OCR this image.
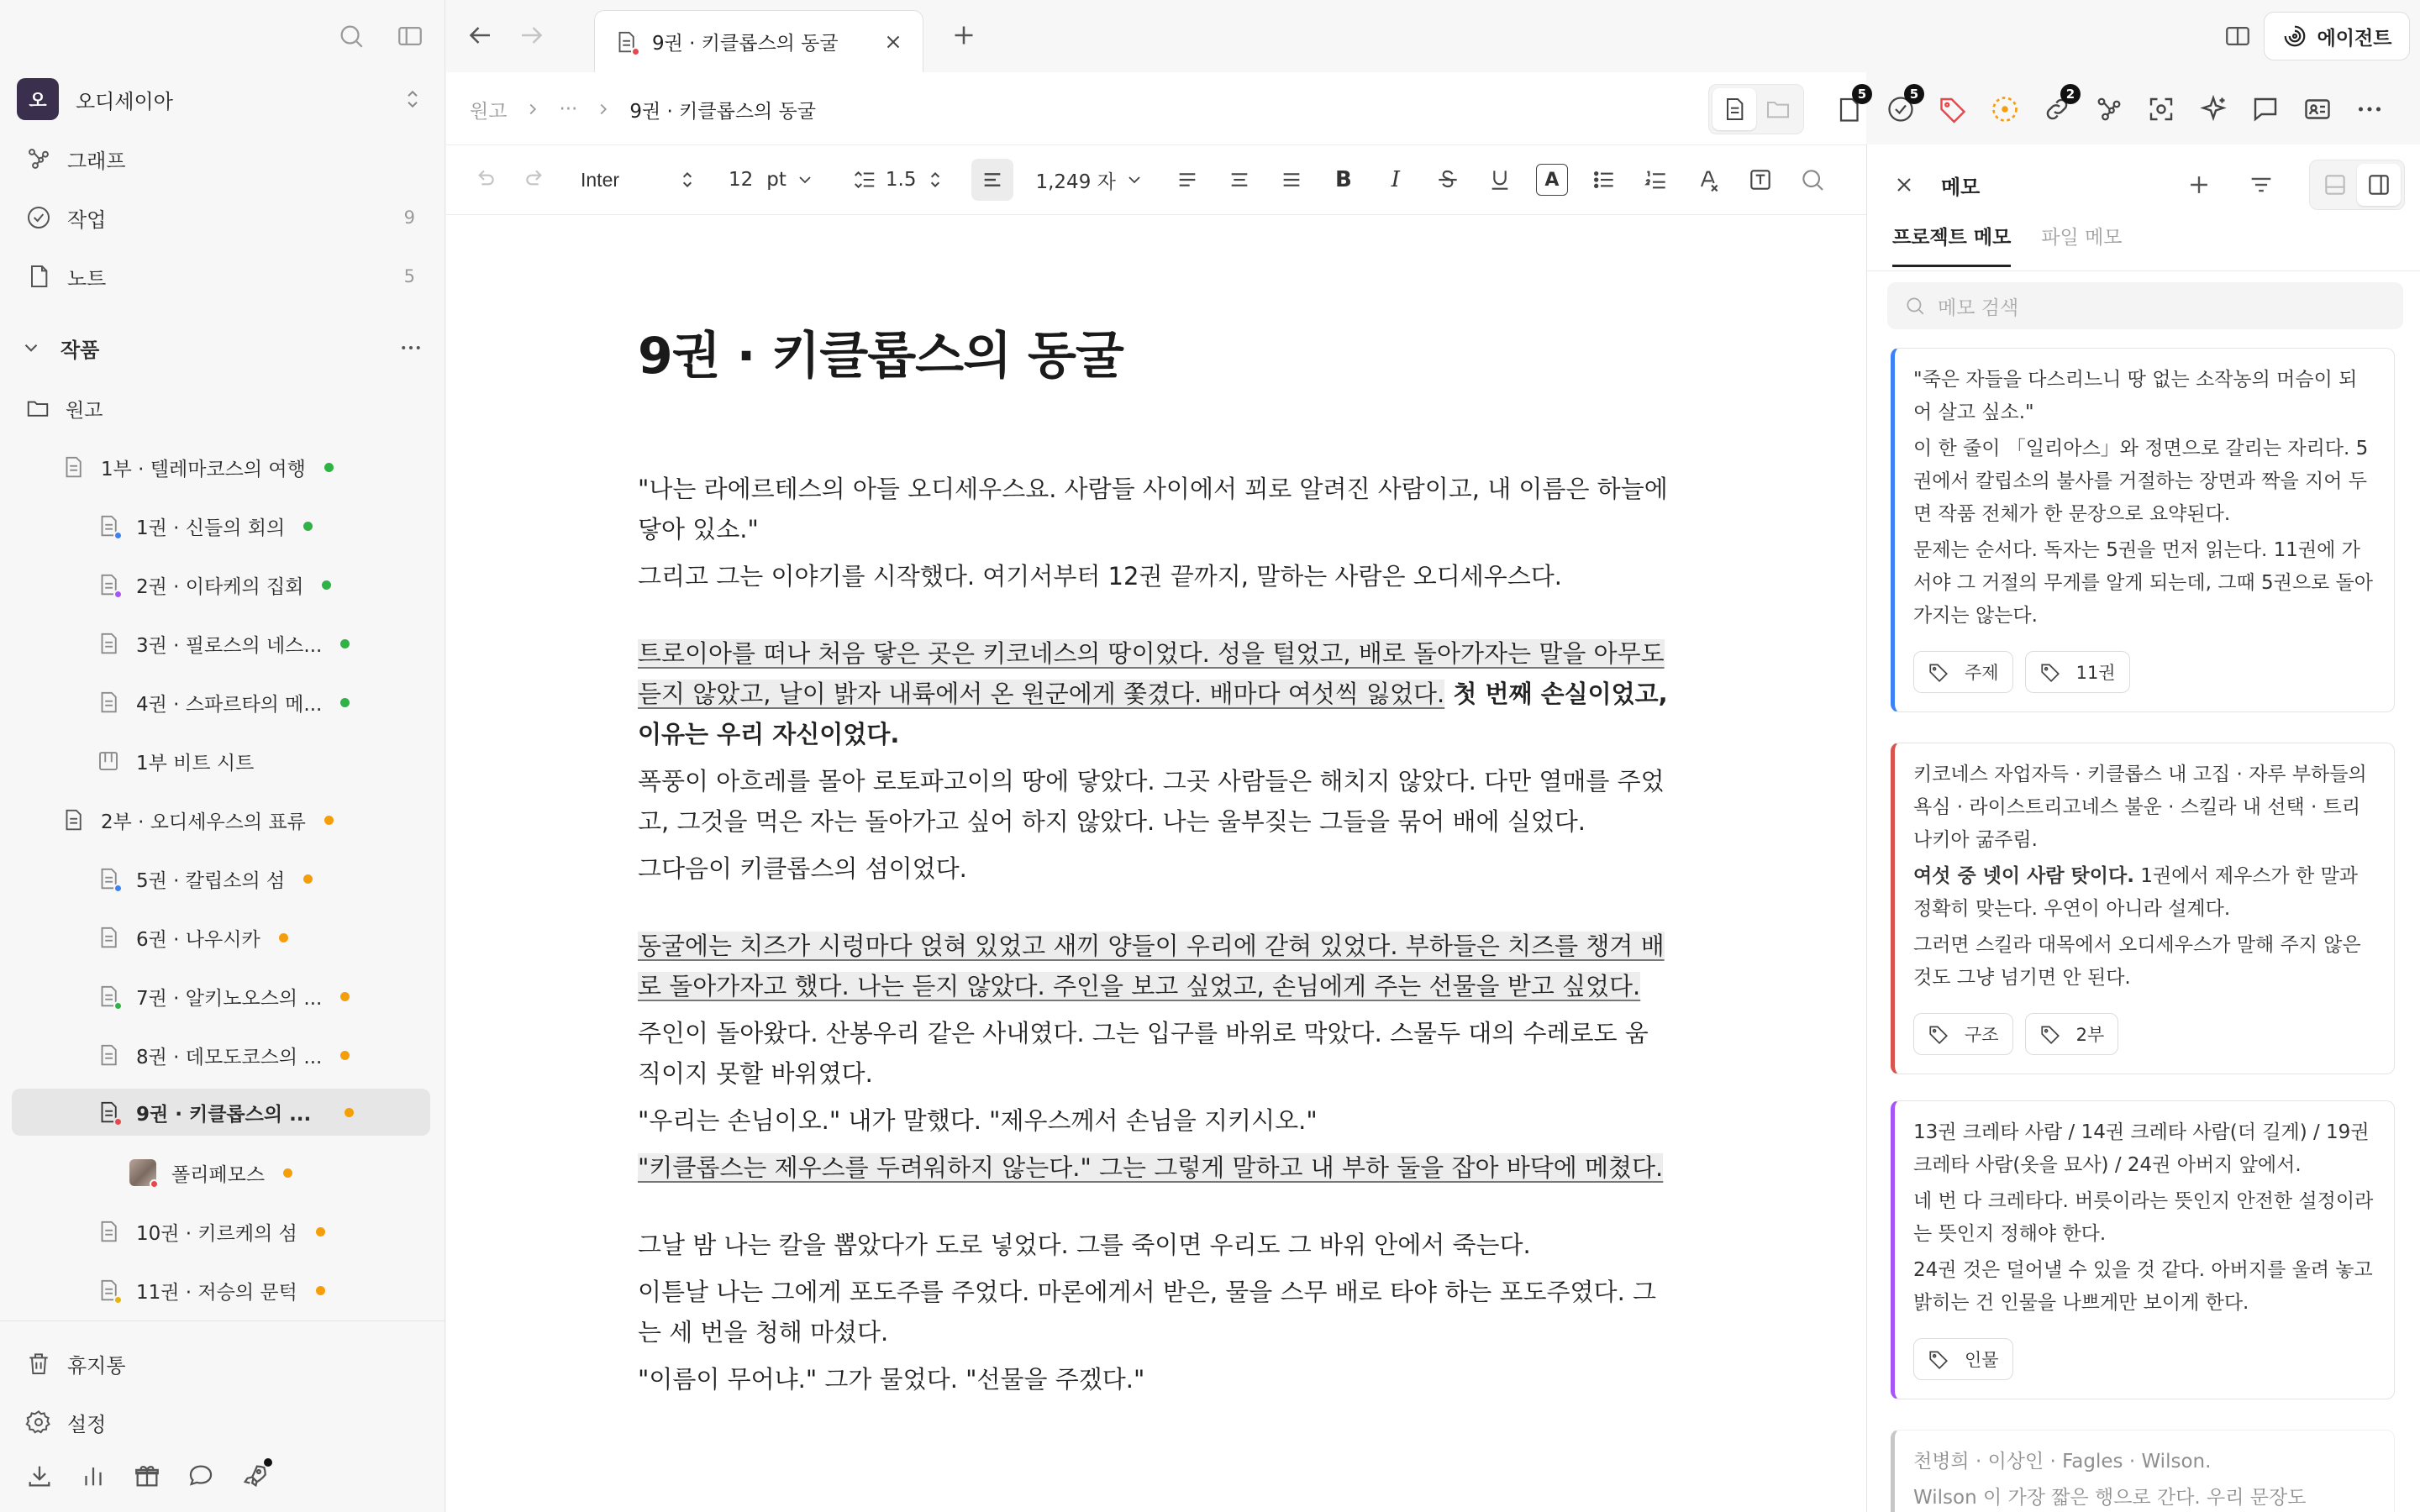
오	오디세이아
그래프
작업	9
노트	5
작품
원고
1부 · 텔레마코스의 여행
1권 · 신들의 회의
2권 · 이타케의 집회
3권 · 필로스의 네스...
4권 · 스파르타의 메...
1부 비트 시트
2부 · 오디세우스의 표류
5권 · 칼립소의 섬
6권 · 나우시카
7권 · 알키노오스의 ...
8권 · 데모도코스의 ...
9권 · 키클롭스의 ...
폴리페모스
10권 · 키르케의 섬
11권 · 저승의 문턱
휴지통
설정
9권 · 키클롭스의 동굴	에이전트
원고	···	9권 · 키클롭스의 동굴
Inter	12 pt	1.5	1,249 자	B	I	A
9권 · 키클롭스의 동굴

"나는 라에르테스의 아들 오디세우스요. 사람들 사이에서 꾀로 알려진 사람이고, 내 이름은 하늘에 닿아 있소."

그리고 그는 이야기를 시작했다. 여기서부터 12권 끝까지, 말하는 사람은 오디세우스다.

트로이아를 떠나 처음 닿은 곳은 키코네스의 땅이었다. 성을 털었고, 배로 돌아가자는 말을 아무도 듣지 않았고, 날이 밝자 내륙에서 온 원군에게 쫓겼다. 배마다 여섯씩 잃었다. 첫 번째 손실이었고, 이유는 우리 자신이었다.

폭풍이 아흐레를 몰아 로토파고이의 땅에 닿았다. 그곳 사람들은 해치지 않았다. 다만 열매를 주었고, 그것을 먹은 자는 돌아가고 싶어 하지 않았다. 나는 울부짖는 그들을 묶어 배에 실었다.

그다음이 키클롭스의 섬이었다.

동굴에는 치즈가 시렁마다 얹혀 있었고 새끼 양들이 우리에 갇혀 있었다. 부하들은 치즈를 챙겨 배로 돌아가자고 했다. 나는 듣지 않았다. 주인을 보고 싶었고, 손님에게 주는 선물을 받고 싶었다.

주인이 돌아왔다. 산봉우리 같은 사내였다. 그는 입구를 바위로 막았다. 스물두 대의 수레로도 움직이지 못할 바위였다.

"우리는 손님이오." 내가 말했다. "제우스께서 손님을 지키시오."

"키클롭스는 제우스를 두려워하지 않는다." 그는 그렇게 말하고 내 부하 둘을 잡아 바닥에 메쳤다.

그날 밤 나는 칼을 뽑았다가 도로 넣었다. 그를 죽이면 우리도 그 바위 안에서 죽는다.

이튿날 나는 그에게 포도주를 주었다. 마론에게서 받은, 물을 스무 배로 타야 하는 포도주였다. 그는 세 번을 청해 마셨다.

"이름이 무어냐." 그가 물었다. "선물을 주겠다."

5	5	2
메모
프로젝트 메모 파일 메모
메모 검색

"죽은 자들을 다스리느니 땅 없는 소작농의 머슴이 되어 살고 싶소."

이 한 줄이 「일리아스」와 정면으로 갈리는 자리다. 5권에서 칼립소의 불사를 거절하는 장면과 짝을 지어 두면 작품 전체가 한 문장으로 요약된다.

문제는 순서다. 독자는 5권을 먼저 읽는다. 11권에 가서야 그 거절의 무게를 알게 되는데, 그때 5권으로 돌아가지는 않는다.

주제	11권

키코네스 자업자득 · 키클롭스 내 고집 · 자루 부하들의 욕심 · 라이스트리고네스 불운 · 스킬라 내 선택 · 트리나키아 굶주림.

여섯 중 넷이 사람 탓이다. 1권에서 제우스가 한 말과 정확히 맞는다. 우연이 아니라 설계다.

그러면 스킬라 대목에서 오디세우스가 말해 주지 않은 것도 그냥 넘기면 안 된다.

구조	2부

13권 크레타 사람 / 14권 크레타 사람(더 길게) / 19권 크레타 사람(옷을 묘사) / 24권 아버지 앞에서.

네 번 다 크레타다. 버릇이라는 뜻인지 안전한 설정이라는 뜻인지 정해야 한다.

24권 것은 덜어낼 수 있을 것 같다. 아버지를 울려 놓고 밝히는 건 인물을 나쁘게만 보이게 한다.

인물

천병희 · 이상인 · Fagles · Wilson.

Wilson 이 가장 짧은 행으로 간다. 우리 문장도
